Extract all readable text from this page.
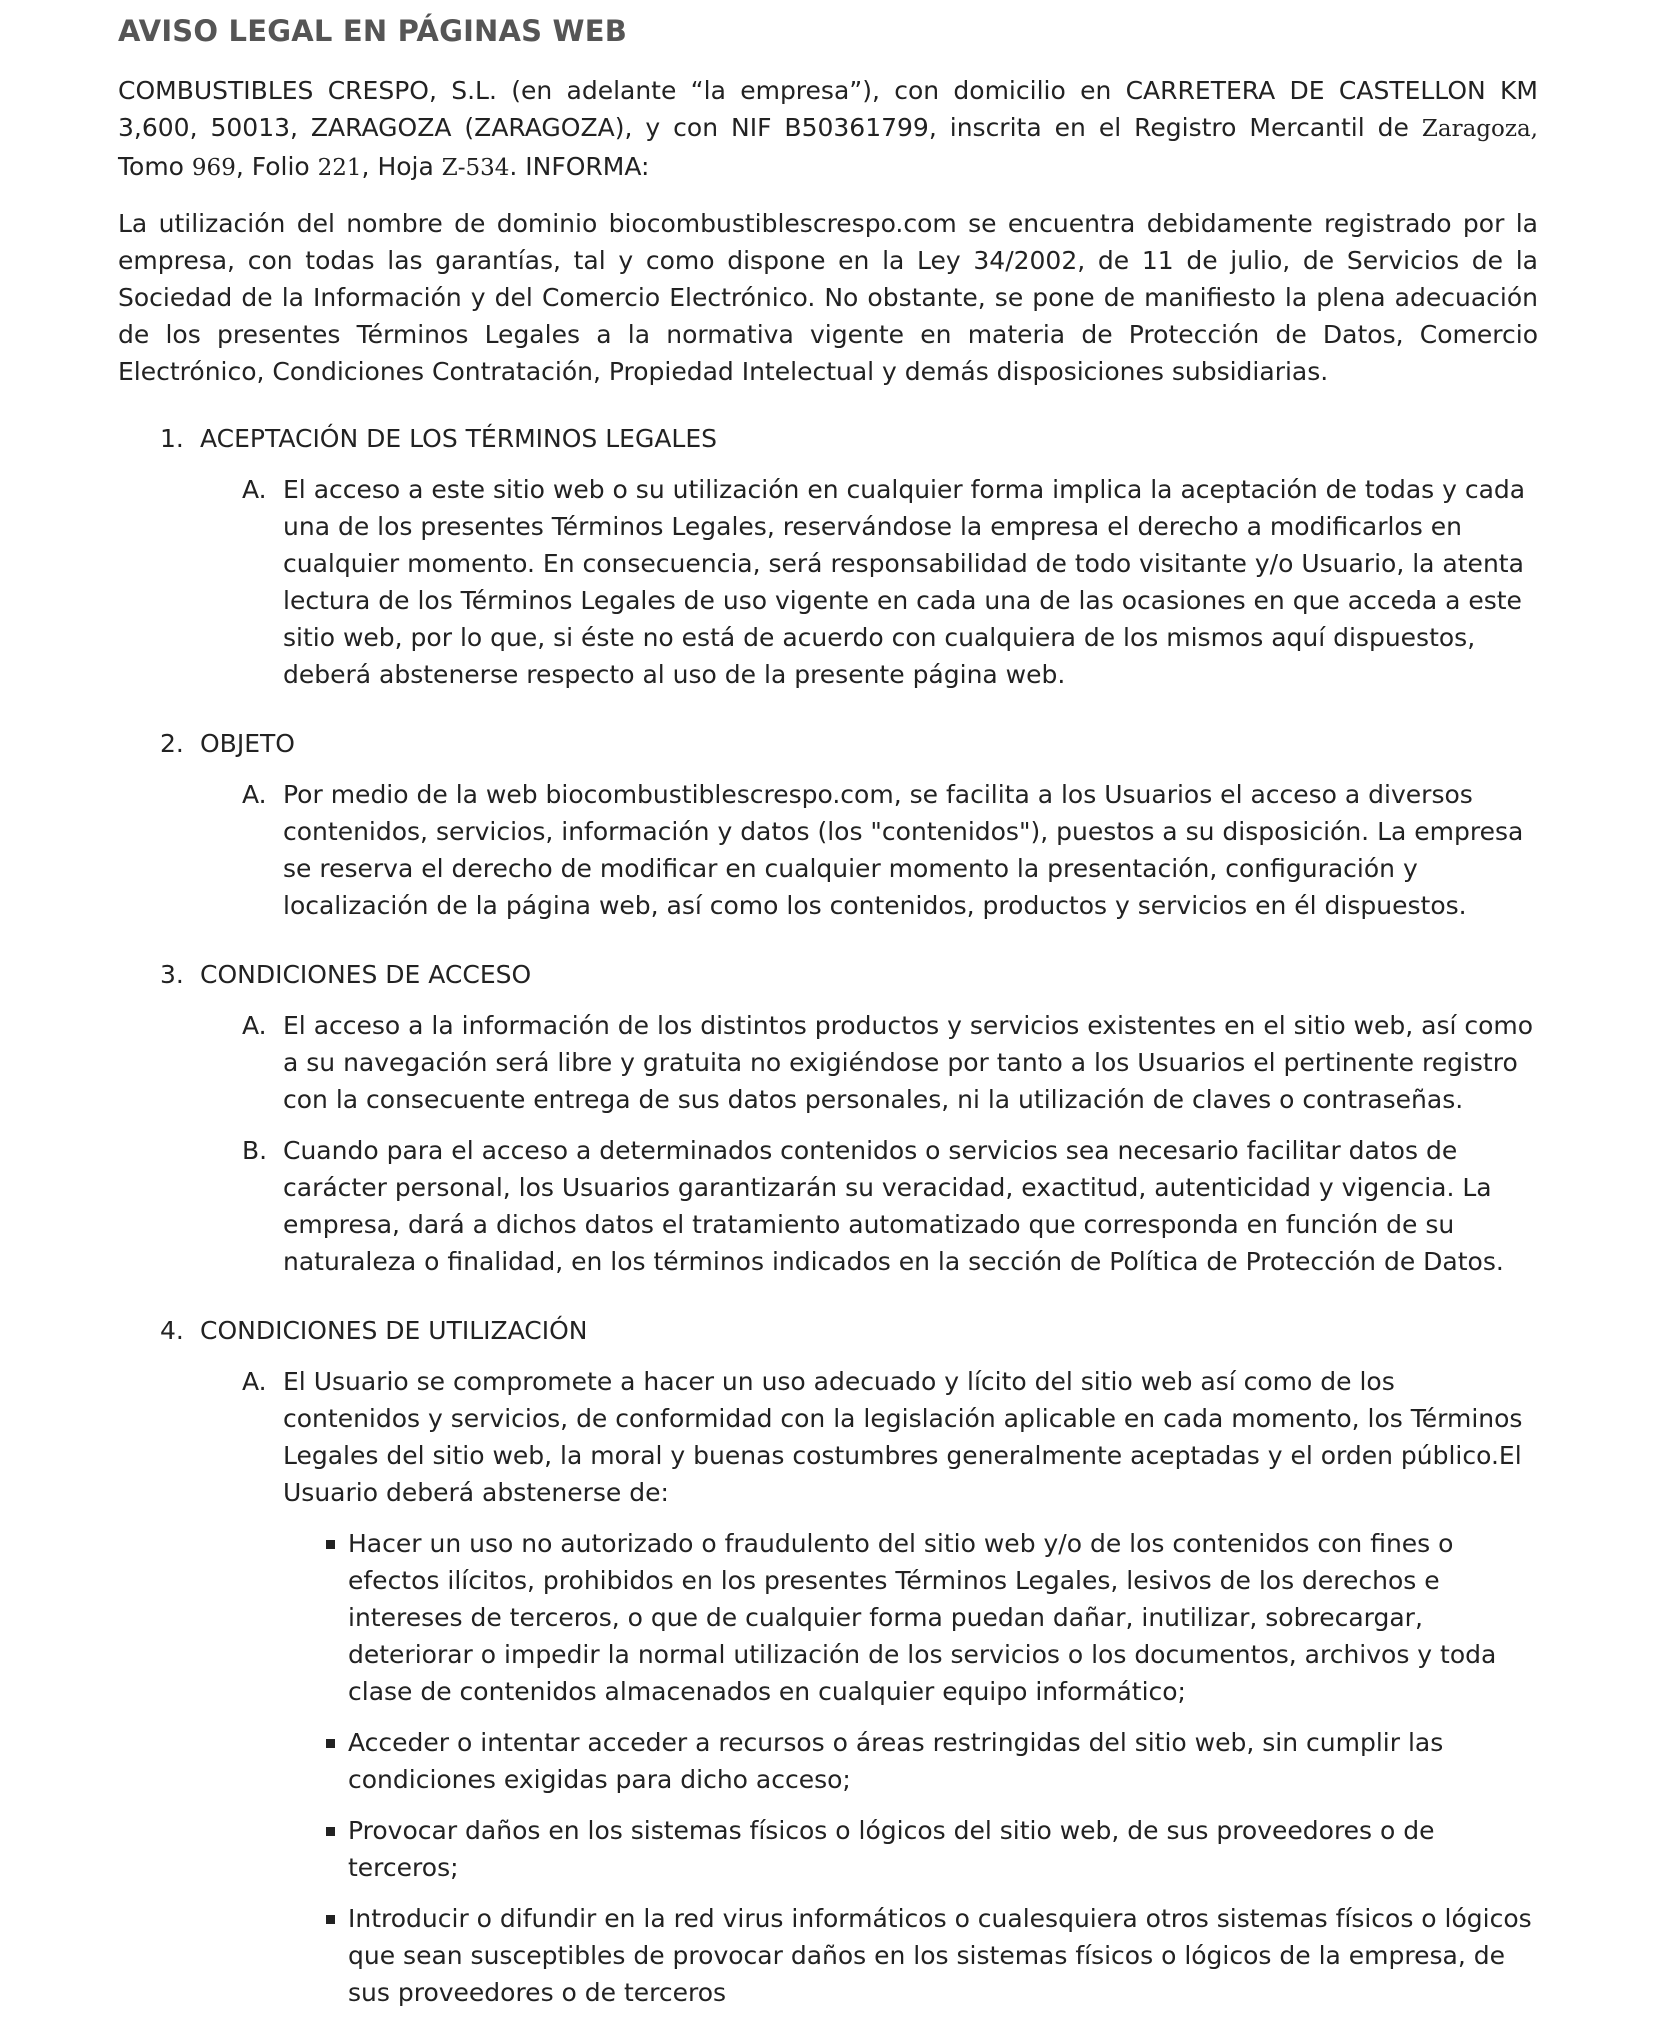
AVISO LEGAL EN PÁGINAS WEB

COMBUSTIBLES CRESPO, S.L. (en adelante “la empresa”), con domicilio en CARRETERA DE CASTELLON KM 3,600, 50013, ZARAGOZA (ZARAGOZA), y con NIF B50361799, inscrita en el Registro Mercantil de Zaragoza, Tomo 969, Folio 221, Hoja Z-534. INFORMA:

La utilización del nombre de dominio biocombustiblescrespo.com se encuentra debidamente registrado por la empresa, con todas las garantías, tal y como dispone en la Ley 34/2002, de 11 de julio, de Servicios de la Sociedad de la Información y del Comercio Electrónico. No obstante, se pone de manifiesto la plena adecuación de los presentes Términos Legales a la normativa vigente en materia de Protección de Datos, Comercio Electrónico, Condiciones Contratación, Propiedad Intelectual y demás disposiciones subsidiarias.

1. ACEPTACIÓN DE LOS TÉRMINOS LEGALES
A. El acceso a este sitio web o su utilización en cualquier forma implica la aceptación de todas y cada una de los presentes Términos Legales, reservándose la empresa el derecho a modificarlos en cualquier momento. En consecuencia, será responsabilidad de todo visitante y/o Usuario, la atenta lectura de los Términos Legales de uso vigente en cada una de las ocasiones en que acceda a este sitio web, por lo que, si éste no está de acuerdo con cualquiera de los mismos aquí dispuestos, deberá abstenerse respecto al uso de la presente página web.
2. OBJETO
A. Por medio de la web biocombustiblescrespo.com, se facilita a los Usuarios el acceso a diversos contenidos, servicios, información y datos (los "contenidos"), puestos a su disposición. La empresa se reserva el derecho de modificar en cualquier momento la presentación, configuración y localización de la página web, así como los contenidos, productos y servicios en él dispuestos.
3. CONDICIONES DE ACCESO
A. El acceso a la información de los distintos productos y servicios existentes en el sitio web, así como a su navegación será libre y gratuita no exigiéndose por tanto a los Usuarios el pertinente registro con la consecuente entrega de sus datos personales, ni la utilización de claves o contraseñas.
B. Cuando para el acceso a determinados contenidos o servicios sea necesario facilitar datos de carácter personal, los Usuarios garantizarán su veracidad, exactitud, autenticidad y vigencia. La empresa, dará a dichos datos el tratamiento automatizado que corresponda en función de su naturaleza o finalidad, en los términos indicados en la sección de Política de Protección de Datos.
4. CONDICIONES DE UTILIZACIÓN
A. El Usuario se compromete a hacer un uso adecuado y lícito del sitio web así como de los contenidos y servicios, de conformidad con la legislación aplicable en cada momento, los Términos Legales del sitio web, la moral y buenas costumbres generalmente aceptadas y el orden público.El Usuario deberá abstenerse de:
Hacer un uso no autorizado o fraudulento del sitio web y/o de los contenidos con fines o efectos ilícitos, prohibidos en los presentes Términos Legales, lesivos de los derechos e intereses de terceros, o que de cualquier forma puedan dañar, inutilizar, sobrecargar, deteriorar o impedir la normal utilización de los servicios o los documentos, archivos y toda clase de contenidos almacenados en cualquier equipo informático;
Acceder o intentar acceder a recursos o áreas restringidas del sitio web, sin cumplir las condiciones exigidas para dicho acceso;
Provocar daños en los sistemas físicos o lógicos del sitio web, de sus proveedores o de terceros;
Introducir o difundir en la red virus informáticos o cualesquiera otros sistemas físicos o lógicos que sean susceptibles de provocar daños en los sistemas físicos o lógicos de la empresa, de sus proveedores o de terceros
